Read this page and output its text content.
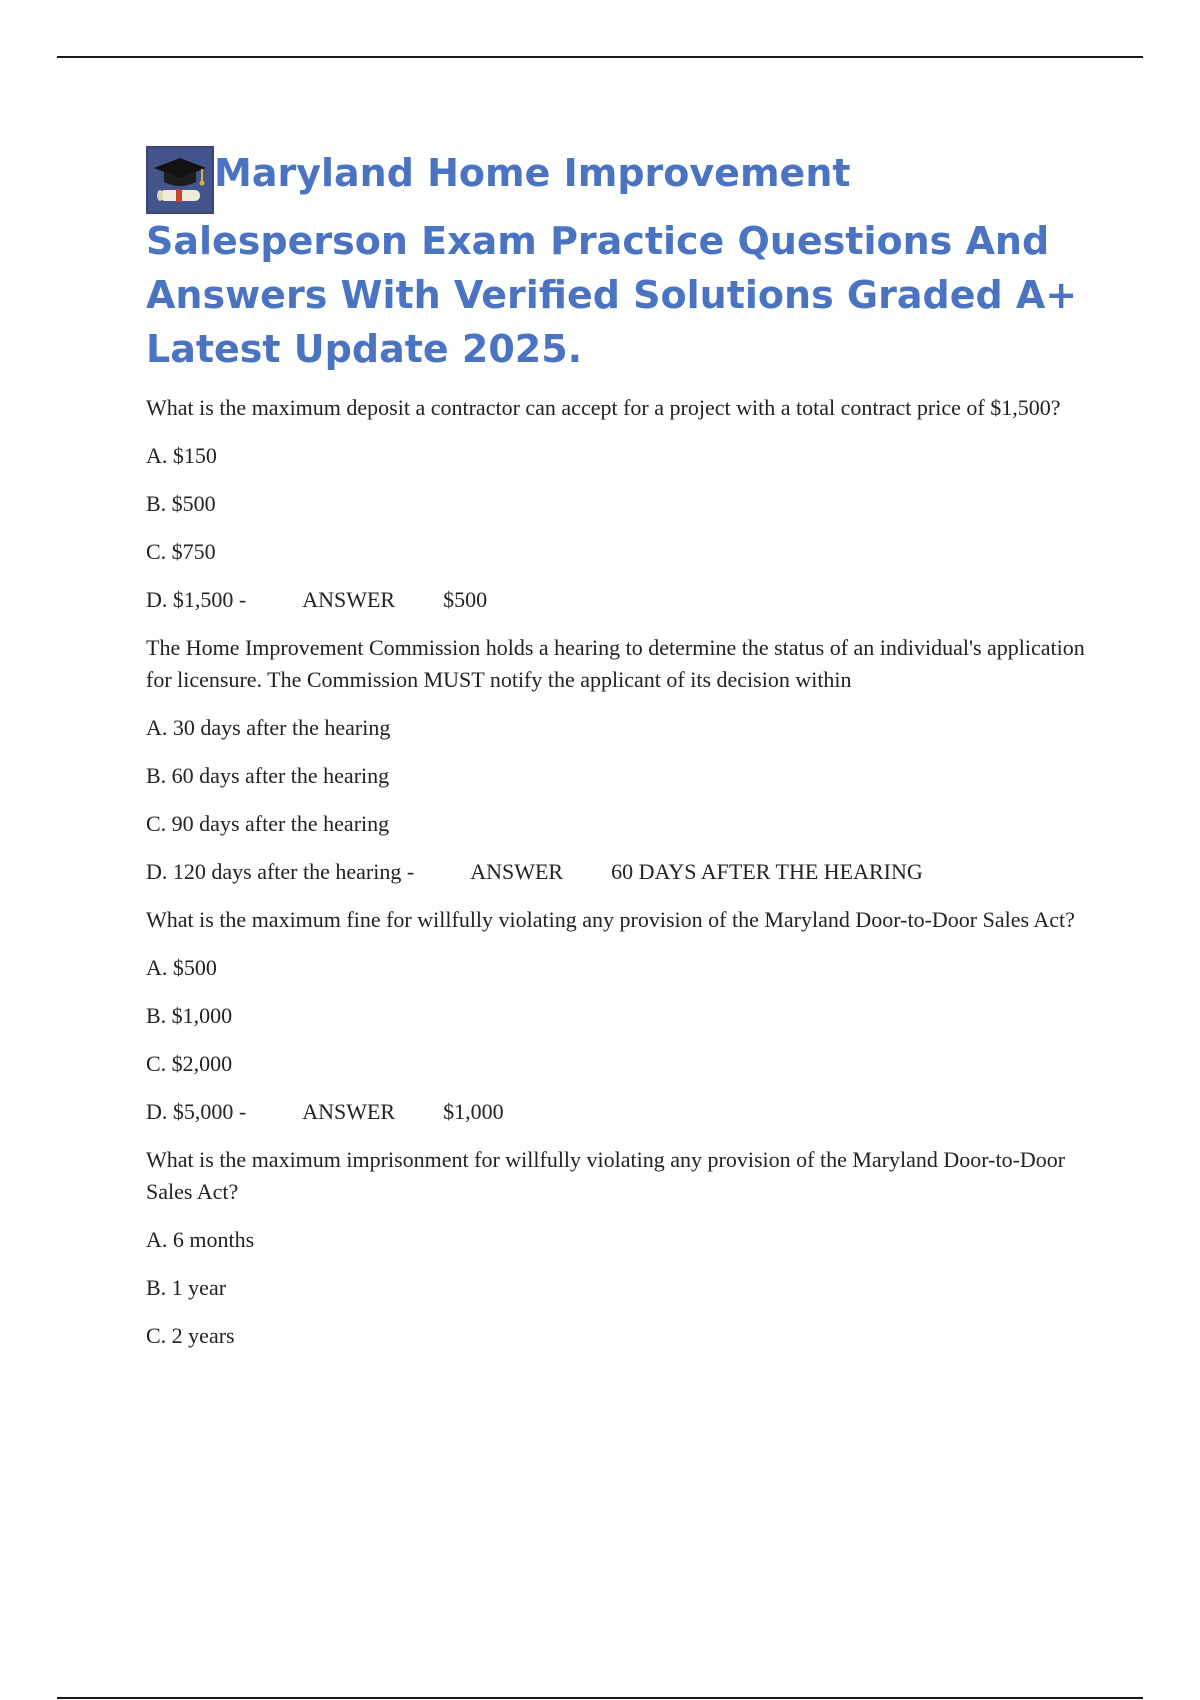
Maryland Home Improvement Salesperson Exam Practice Questions And Answers With Verified Solutions Graded A+ Latest Update 2025.

What is the maximum deposit a contractor can accept for a project with a total contract price of $1,500?

A. $150

B. $500

C. $750

D. $1,500 -	ANSWER $500

The Home Improvement Commission holds a hearing to determine the status of an individual's application for licensure. The Commission MUST notify the applicant of its decision within

A. 30 days after the hearing

B. 60 days after the hearing

C. 90 days after the hearing

D. 120 days after the hearing -	ANSWER 60 DAYS AFTER THE HEARING

What is the maximum fine for willfully violating any provision of the Maryland Door-to-Door Sales Act?

A. $500

B. $1,000

C. $2,000

D. $5,000 -	ANSWER $1,000

What is the maximum imprisonment for willfully violating any provision of the Maryland Door-to-Door Sales Act?

A. 6 months

B. 1 year

C. 2 years
